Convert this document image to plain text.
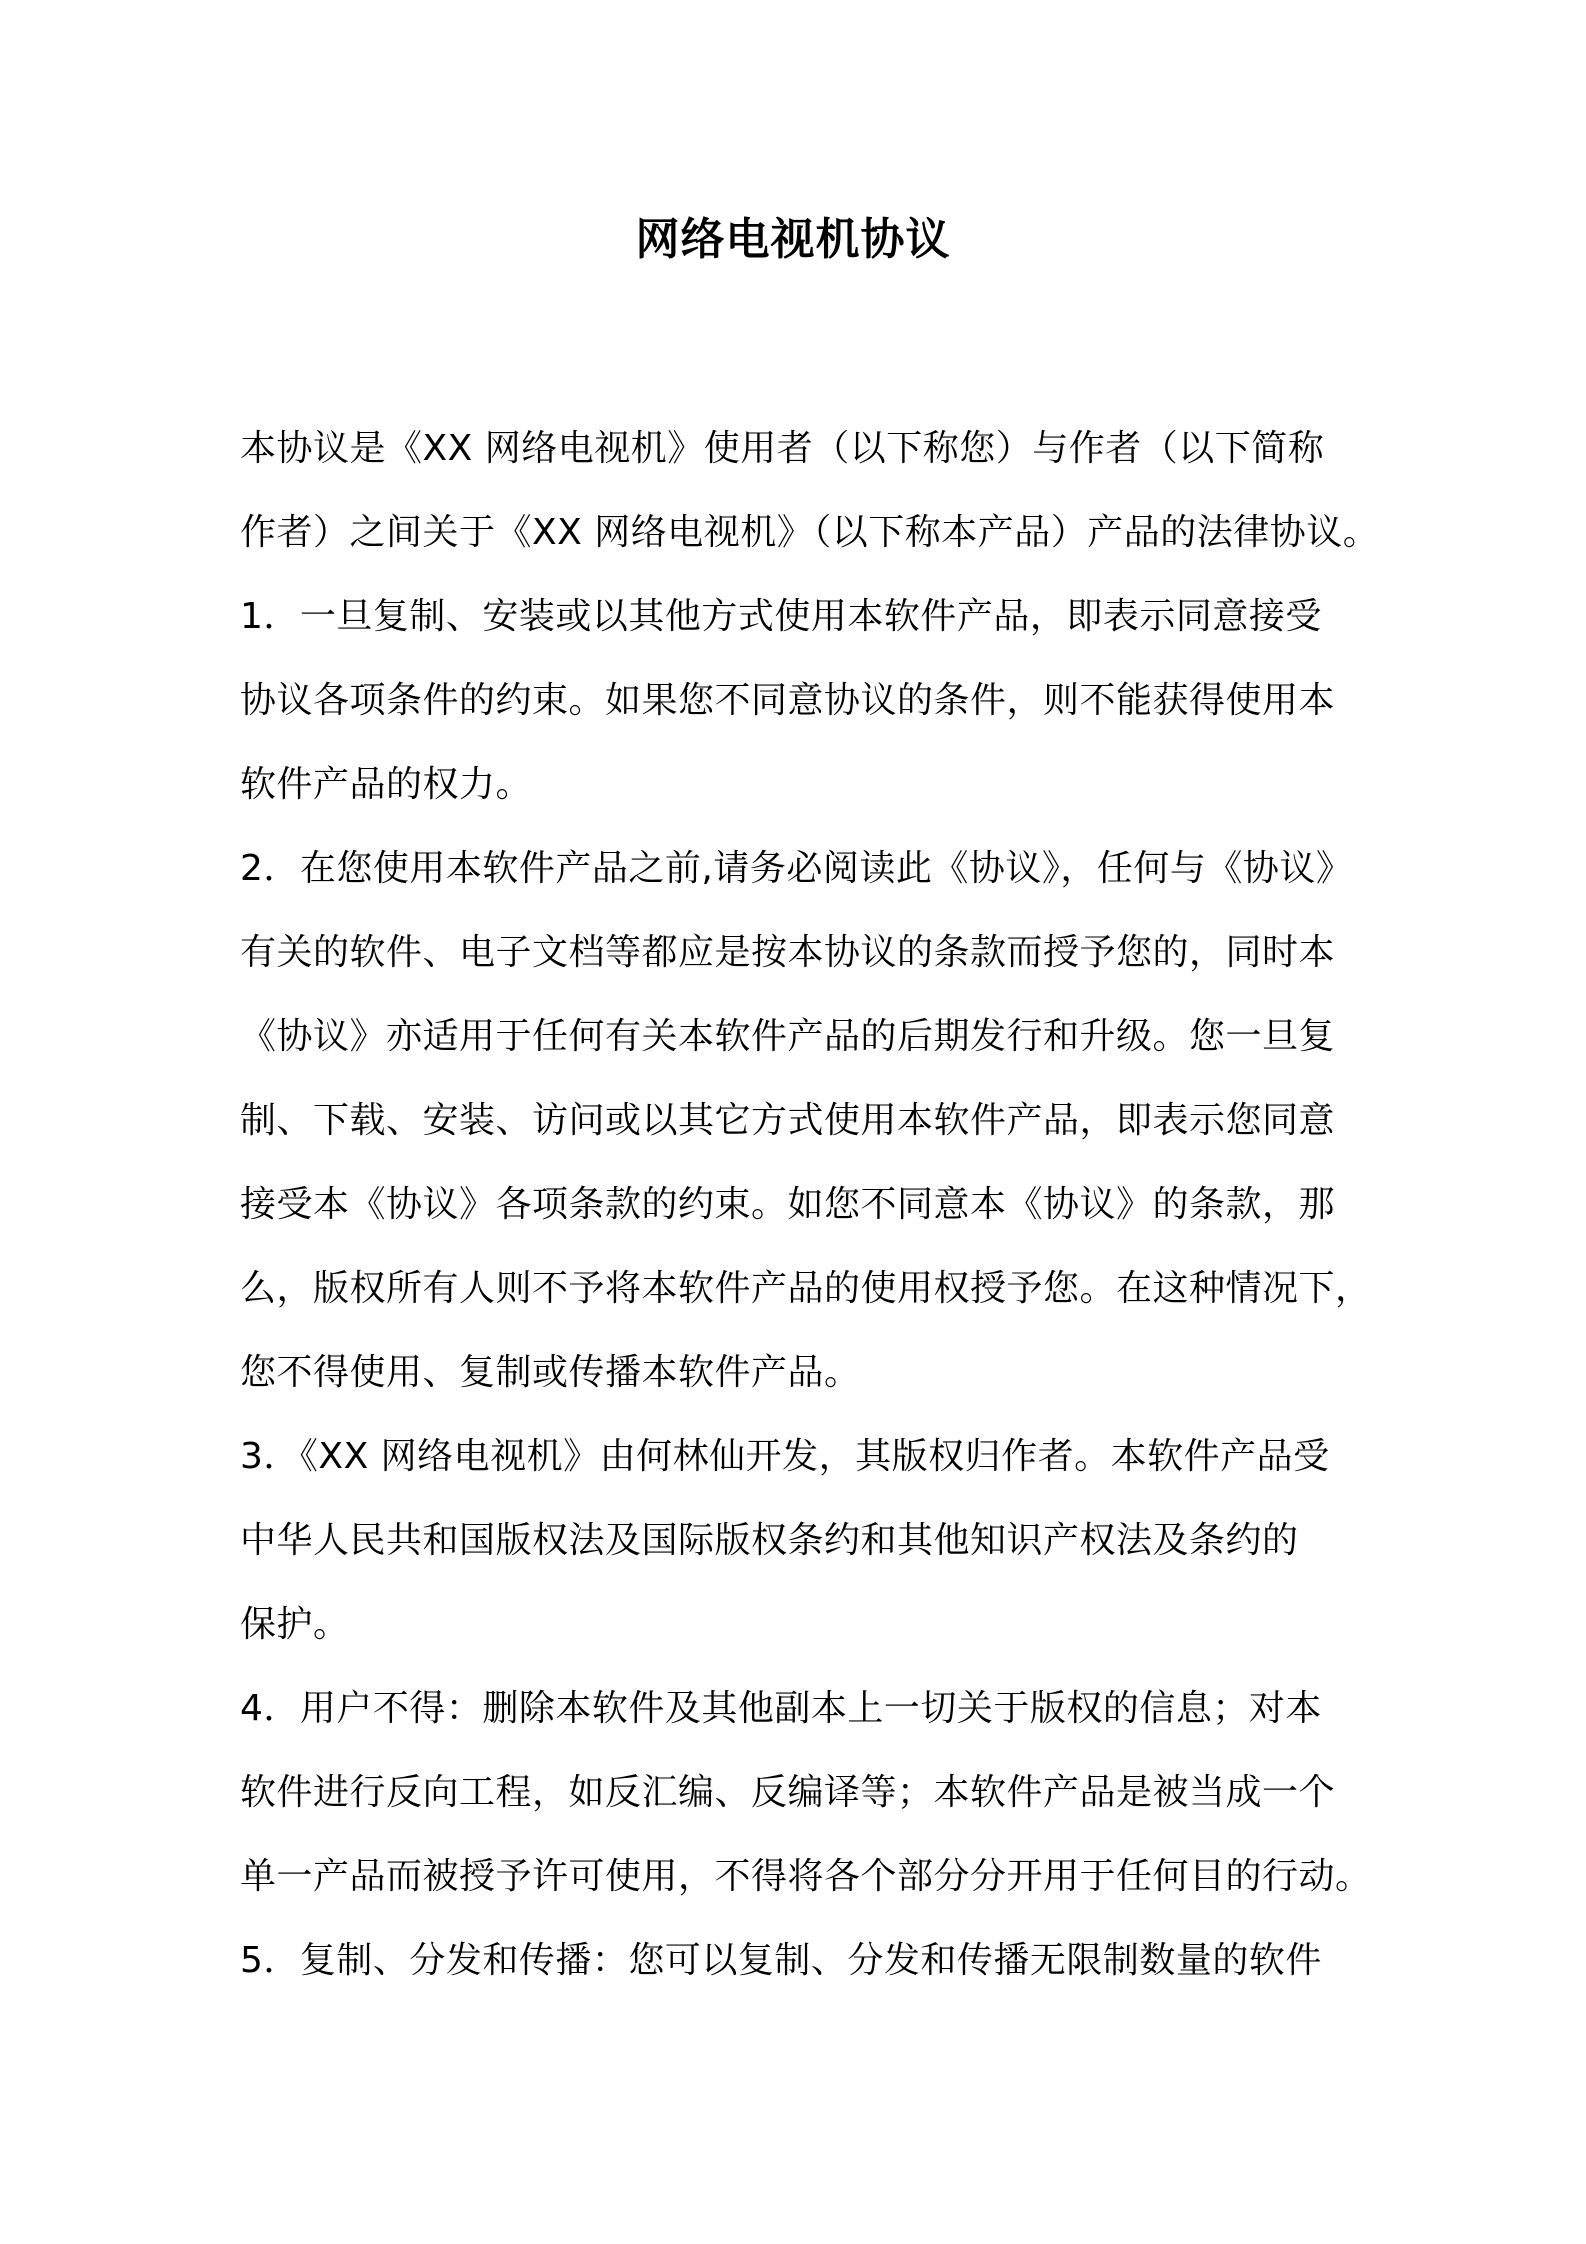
网络电视机协议
本协议是《XX 网络电视机》使用者（以下称您）与作者（以下简称
作者）之间关于《XX 网络电视机》（以下称本产品）产品的法律协议。
1．一旦复制、安装或以其他方式使用本软件产品，即表示同意接受
协议各项条件的约束。如果您不同意协议的条件，则不能获得使用本
软件产品的权力。
2．在您使用本软件产品之前,请务必阅读此《协议》，任何与《协议》
有关的软件、电子文档等都应是按本协议的条款而授予您的，同时本
《协议》亦适用于任何有关本软件产品的后期发行和升级。您一旦复
制、下载、安装、访问或以其它方式使用本软件产品，即表示您同意
接受本《协议》各项条款的约束。如您不同意本《协议》的条款，那
么，版权所有人则不予将本软件产品的使用权授予您。在这种情况下，
您不得使用、复制或传播本软件产品。
3．《XX 网络电视机》由何林仙开发，其版权归作者。本软件产品受
中华人民共和国版权法及国际版权条约和其他知识产权法及条约的
保护。
4．用户不得：删除本软件及其他副本上一切关于版权的信息；对本
软件进行反向工程，如反汇编、反编译等；本软件产品是被当成一个
单一产品而被授予许可使用，不得将各个部分分开用于任何目的行动。
5．复制、分发和传播：您可以复制、分发和传播无限制数量的软件
